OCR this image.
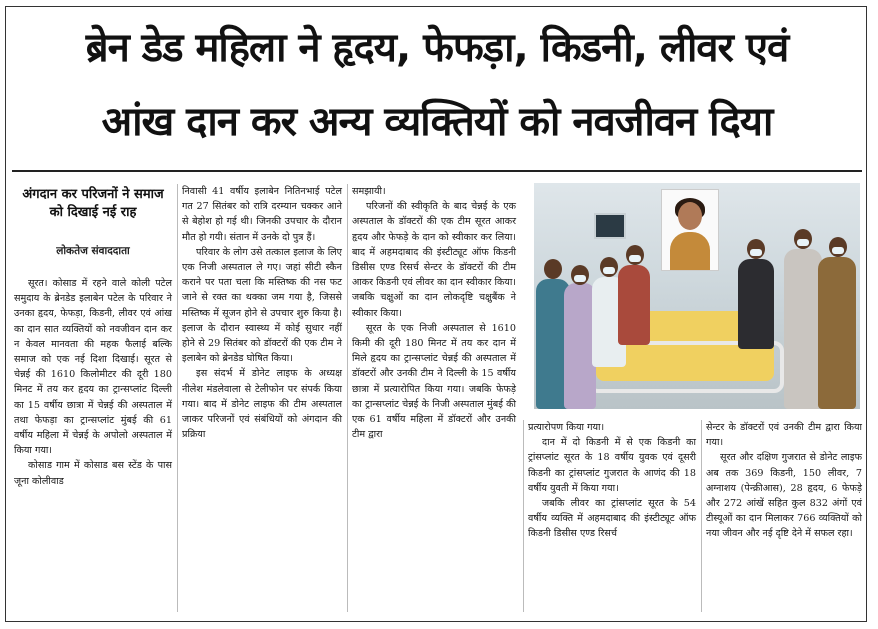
ब्रेन डेड महिला ने हृदय, फेफड़ा, किडनी, लीवर एवं
आंख दान कर अन्य व्यक्तियों को नवजीवन दिया
अंगदान कर परिजनों ने समाज को दिखाई नई राह
लोकतेज संवाददाता

सूरत। कोसाड में रहने वाले कोली पटेल समुदाय के ब्रेनडेड इलाबेन पटेल के परिवार ने उनका हृदय, फेफड़ा, किडनी, लीवर एवं आंख का दान सात व्यक्तियों को नवजीवन दान कर न केवल मानवता की महक फैलाई बल्कि समाज को एक नई दिशा दिखाई। सूरत से चेन्नई की 1610 किलोमीटर की दूरी 180 मिनट में तय कर हृदय का ट्रान्सप्लांट दिल्ली का 15 वर्षीय छात्रा में चेन्नई की अस्पताल में तथा फेफड़ा का ट्रान्सप्लांट मुंबई की 61 वर्षीय महिला में चेन्नई के अपोलो अस्पताल में किया गया।

कोसाड गाम में कोसाड बस स्टेंड के पास जूना कोलीवाड

निवासी 41 वर्षीय इलाबेन नितिनभाई पटेल गत 27 सितंबर को रात्रि दरम्यान चक्कर आने से बेहोश हो गई थी। जिनकी उपचार के दौरान मौत हो गयी। संतान में उनके दो पुत्र हैं।

परिवार के लोग उसे तत्काल इलाज के लिए एक निजी अस्पताल ले गए। जहां सीटी स्कैन कराने पर पता चला कि मस्तिष्क की नस फट जाने से रक्त का थक्का जम गया है, जिससे मस्तिष्क में सूजन होने से उपचार शुरु किया है। इलाज के दौरान स्वास्थ्य में कोई सुधार नहीं होने से 29 सितंबर को डॉक्टरों की एक टीम ने इलाबेन को ब्रेनडेड घोषित किया।

इस संदर्भ में डोनेट लाइफ के अध्यक्ष नीलेश मंडलेवाला से टेलीफोन पर संपर्क किया गया। बाद में डोनेट लाइफ की टीम अस्पताल जाकर परिजनों एवं संबंधियों को अंगदान की प्रक्रिया

समझायी।

परिजनों की स्वीकृति के बाद चेन्नई के एक अस्पताल के डॉक्टरों की एक टीम सूरत आकर हृदय और फेफड़े के दान को स्वीकार कर लिया। बाद में अहमदाबाद की इंस्टीट्यूट ऑफ किडनी डिसीस एण्ड रिसर्च सेन्टर के डॉक्टरों की टीम आकर किडनी एवं लीवर का दान स्वीकार किया। जबकि चक्षुओं का दान लोकदृष्टि चक्षुबैंक ने स्वीकार किया।

सूरत के एक निजी अस्पताल से 1610 किमी की दूरी 180 मिनट में तय कर दान में मिले हृदय का ट्रान्सप्लांट चेन्नई की अस्पताल में डॉक्टरों और उनकी टीम ने दिल्ली के 15 वर्षीय छात्रा में प्रत्यारोपित किया गया। जबकि फेफड़े का ट्रान्सप्लांट चेन्नई के निजी अस्पताल मुंबई की एक 61 वर्षीय महिला में डॉक्टरों और उनकी टीम द्वारा

प्रत्यारोपण किया गया।

दान में दो किडनी में से एक किडनी का ट्रांसप्लांट सूरत के 18 वर्षीय युवक एवं दूसरी किडनी का ट्रांसप्लांट गुजरात के आणंद की 18 वर्षीय युवती में किया गया।

जबकि लीवर का ट्रांसप्लांट सूरत के 54 वर्षीय व्यक्ति में अहमदाबाद की इंस्टीट्यूट ऑफ किडनी डिसीस एण्ड रिसर्च

सेन्टर के डॉक्टरों एवं उनकी टीम द्वारा किया गया।

सूरत और दक्षिण गुजरात से डोनेट लाइफ अब तक 369 किडनी, 150 लीवर, 7 अग्नाशय (पेन्क्रीआस), 28 हृदय, 6 फेफड़े और 272 आंखें सहित कुल 832 अंगों एवं टीस्यूओं का दान मिलाकर 766 व्यक्तियों को नया जीवन और नई दृष्टि देने में सफल रहा।
